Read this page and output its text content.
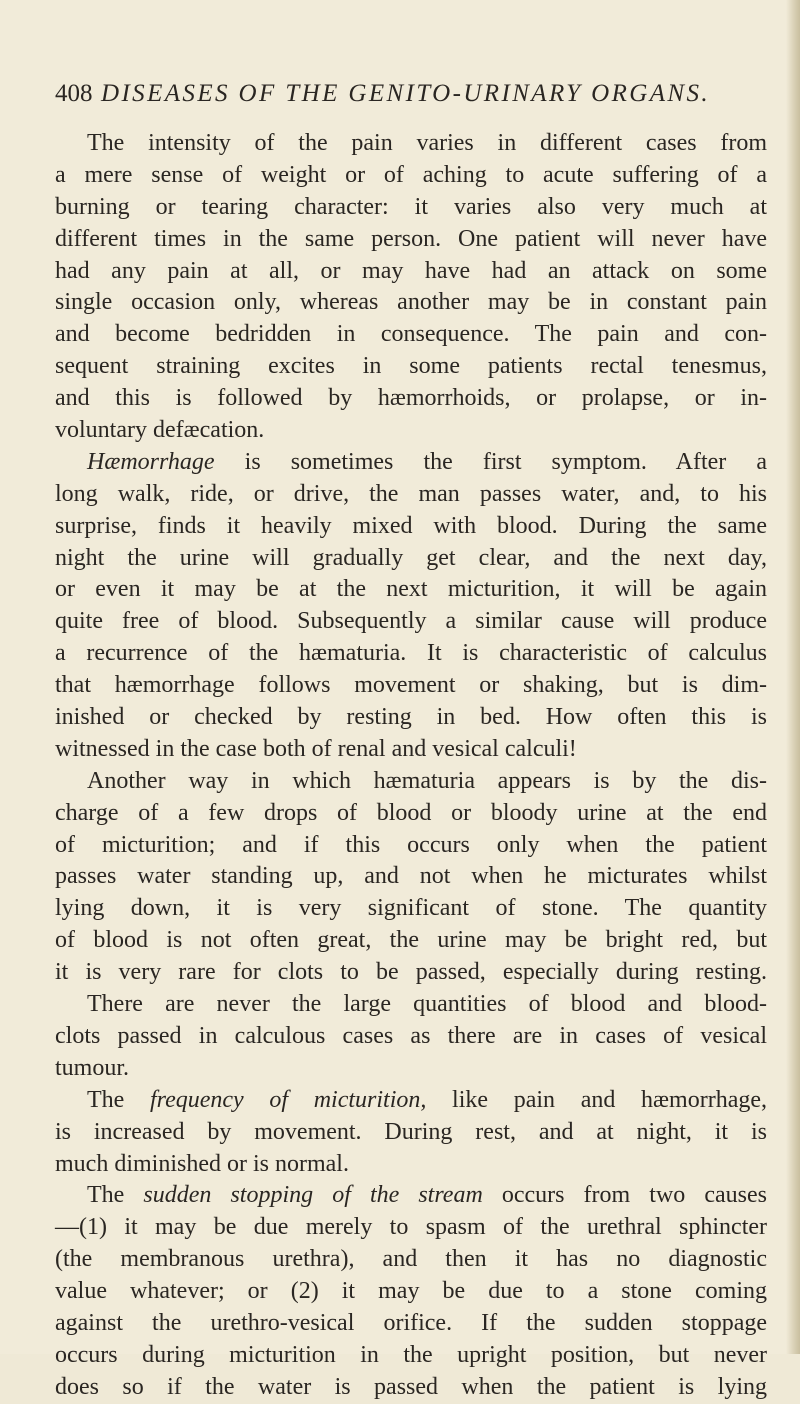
408 DISEASES OF THE GENITO-URINARY ORGANS.
The intensity of the pain varies in different cases from
a mere sense of weight or of aching to acute suffering of a
burning or tearing character: it varies also very much at
different times in the same person. One patient will never have
had any pain at all, or may have had an attack on some
single occasion only, whereas another may be in constant pain
and become bedridden in consequence. The pain and con-
sequent straining excites in some patients rectal tenesmus,
and this is followed by hæmorrhoids, or prolapse, or in-
voluntary defæcation.
Hæmorrhage is sometimes the first symptom. After a
long walk, ride, or drive, the man passes water, and, to his
surprise, finds it heavily mixed with blood. During the same
night the urine will gradually get clear, and the next day,
or even it may be at the next micturition, it will be again
quite free of blood. Subsequently a similar cause will produce
a recurrence of the hæmaturia. It is characteristic of calculus
that hæmorrhage follows movement or shaking, but is dim-
inished or checked by resting in bed. How often this is
witnessed in the case both of renal and vesical calculi!
Another way in which hæmaturia appears is by the dis-
charge of a few drops of blood or bloody urine at the end
of micturition; and if this occurs only when the patient
passes water standing up, and not when he micturates whilst
lying down, it is very significant of stone. The quantity
of blood is not often great, the urine may be bright red, but
it is very rare for clots to be passed, especially during resting.
There are never the large quantities of blood and blood-
clots passed in calculous cases as there are in cases of vesical
tumour.
The frequency of micturition, like pain and hæmorrhage,
is increased by movement. During rest, and at night, it is
much diminished or is normal.
The sudden stopping of the stream occurs from two causes
—(1) it may be due merely to spasm of the urethral sphincter
(the membranous urethra), and then it has no diagnostic
value whatever; or (2) it may be due to a stone coming
against the urethro-vesical orifice. If the sudden stoppage
occurs during micturition in the upright position, but never
does so if the water is passed when the patient is lying
